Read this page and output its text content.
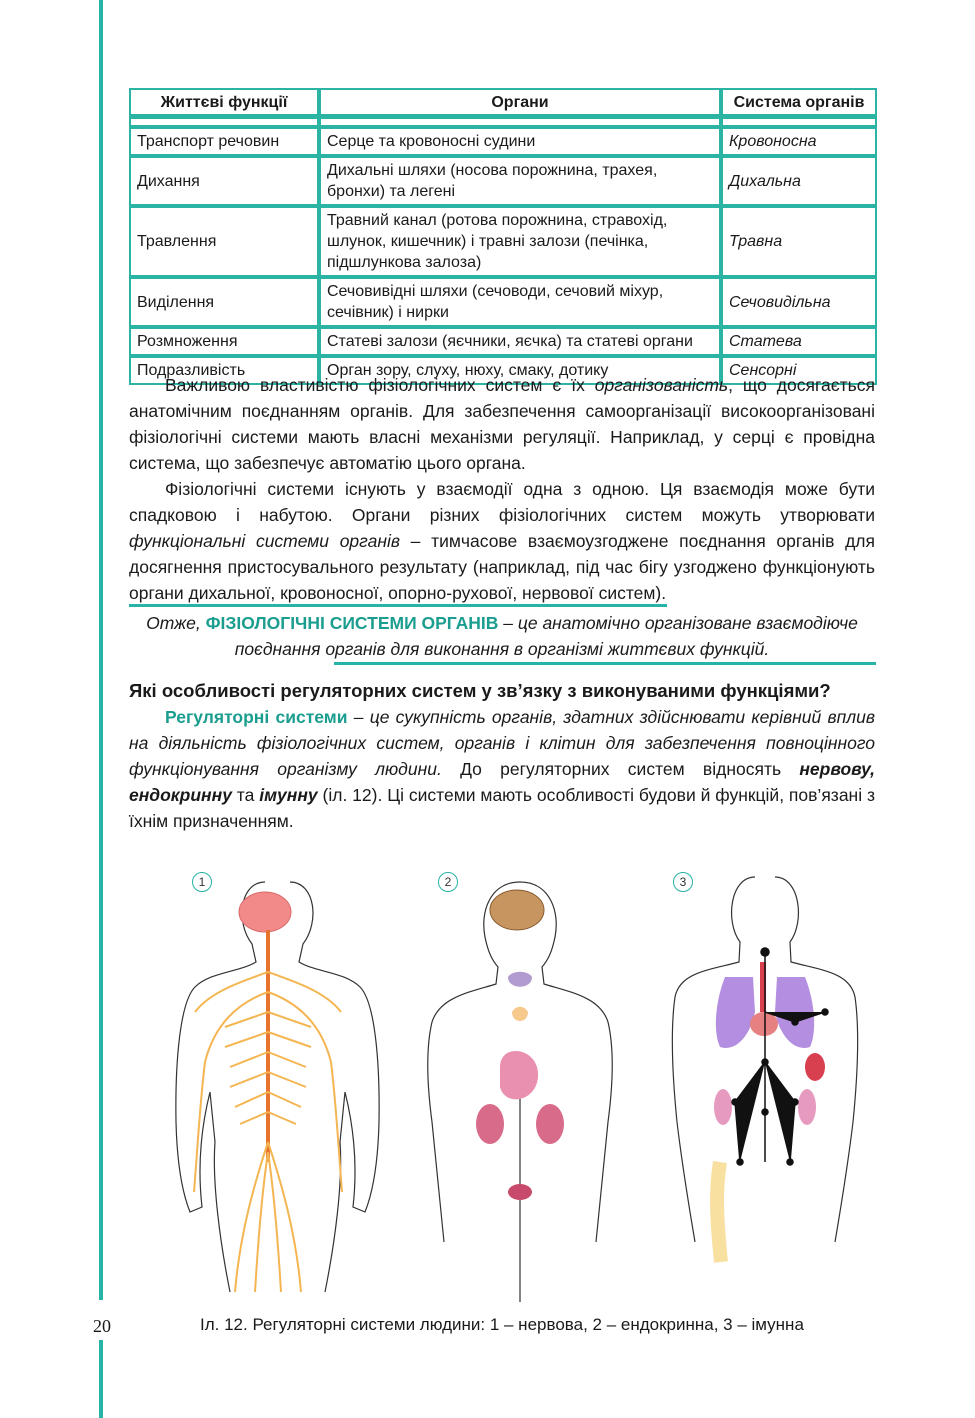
Життєві функції	Органи	Система органів

Транспорт речовин	Серце та кровоносні судини	Кровоносна
Дихання	Дихальні шляхи (носова порожнина, трахея, бронхи) та легені	Дихальна
Травлення	Травний канал (ротова порожнина, стравохід, шлунок, кишечник) і травні залози (печінка, підшлункова залоза)	Травна
Виділення	Сечовивідні шляхи (сечоводи, сечовий міхур, сечівник) і нирки	Сечовидільна
Розмноження	Статеві залози (яєчники, яєчка) та статеві органи	Статева
Подразливість	Орган зору, слуху, нюху, смаку, дотику	Сенсорні

Важливою властивістю фізіологічних систем є їх організованість, що досягається анатомічним поєднанням органів. Для забезпечення самоорганізації високоорганізовані фізіологічні системи мають власні механізми регуляції. Наприклад, у серці є провідна система, що забезпечує автоматію цього органа.

Фізіологічні системи існують у взаємодії одна з одною. Ця взаємодія може бути спадковою і набутою. Органи різних фізіологічних систем можуть утворювати функціональні системи органів – тимчасове взаємоузгоджене поєднання органів для досягнення пристосувального результату (наприклад, під час бігу узгоджено функціонують органи дихальної, кровоносної, опорно-рухової, нервової систем).

Отже, ФІЗІОЛОГІЧНІ СИСТЕМИ ОРГАНІВ – це анатомічно організоване взаємодіюче поєднання органів для виконання в організмі життєвих функцій.

Які особливості регуляторних систем у зв’язку з виконуваними функціями?

Регуляторні системи – це сукупність органів, здатних здійснювати керівний вплив на діяльність фізіологічних систем, органів і клітин для забезпечення повноцінного функціонування організму людини. До регуляторних систем відносять нервову, ендокринну та імунну (іл. 12). Ці системи мають особливості будови й функцій, пов’язані з їхнім призначенням.

1	2	3

Іл. 12. Регуляторні системи людини: 1 – нервова, 2 – ендокринна, 3 – імунна

20
